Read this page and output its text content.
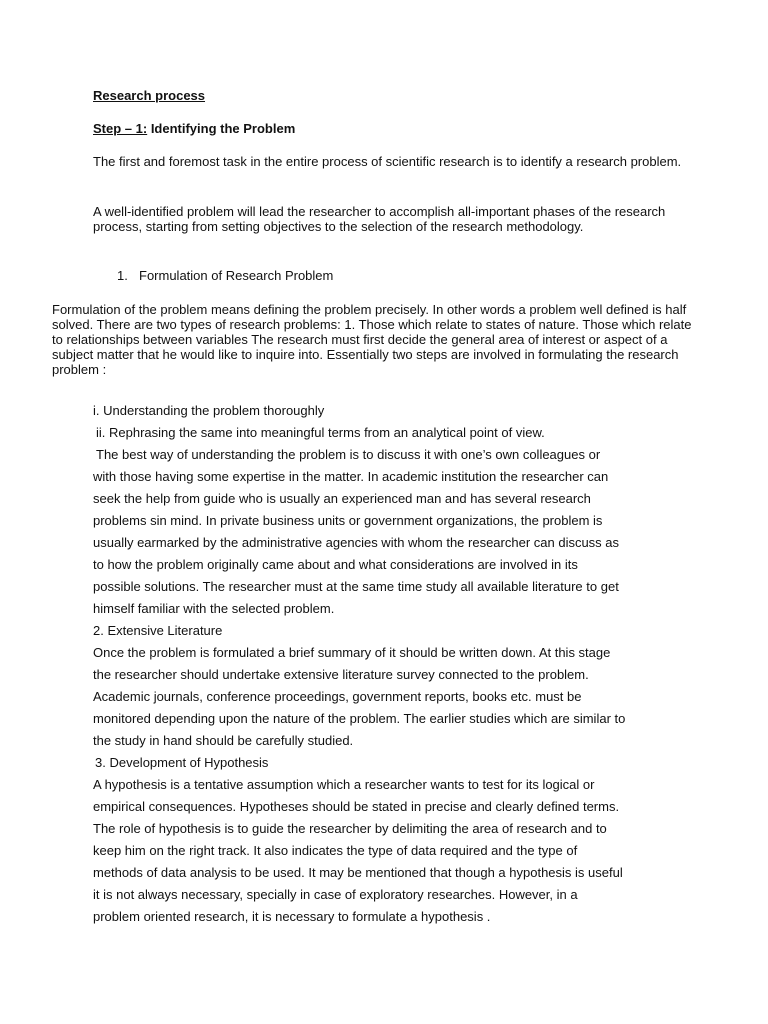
Research process
Step – 1: Identifying the Problem

The first and foremost task in the entire process of scientific research is to identify a research problem.

A well-identified problem will lead the researcher to accomplish all-important phases of the research process, starting from setting objectives to the selection of the research methodology.

1. Formulation of Research Problem

Formulation of the problem means defining the problem precisely. In other words a problem well defined is half solved. There are two types of research problems: 1. Those which relate to states of nature. Those which relate to relationships between variables The research must first decide the general area of interest or aspect of a subject matter that he would like to inquire into. Essentially two steps are involved in formulating the research problem :

i. Understanding the problem thoroughly
ii. Rephrasing the same into meaningful terms from an analytical point of view.
The best way of understanding the problem is to discuss it with one’s own colleagues or
with those having some expertise in the matter. In academic institution the researcher can
seek the help from guide who is usually an experienced man and has several research
problems sin mind. In private business units or government organizations, the problem is
usually earmarked by the administrative agencies with whom the researcher can discuss as
to how the problem originally came about and what considerations are involved in its
possible solutions. The researcher must at the same time study all available literature to get
himself familiar with the selected problem.
2. Extensive Literature
Once the problem is formulated a brief summary of it should be written down. At this stage
the researcher should undertake extensive literature survey connected to the problem.
Academic journals, conference proceedings, government reports, books etc. must be
monitored depending upon the nature of the problem. The earlier studies which are similar to
the study in hand should be carefully studied.
3. Development of Hypothesis
A hypothesis is a tentative assumption which a researcher wants to test for its logical or
empirical consequences. Hypotheses should be stated in precise and clearly defined terms.
The role of hypothesis is to guide the researcher by delimiting the area of research and to
keep him on the right track. It also indicates the type of data required and the type of
methods of data analysis to be used. It may be mentioned that though a hypothesis is useful
it is not always necessary, specially in case of exploratory researches. However, in a
problem oriented research, it is necessary to formulate a hypothesis .
